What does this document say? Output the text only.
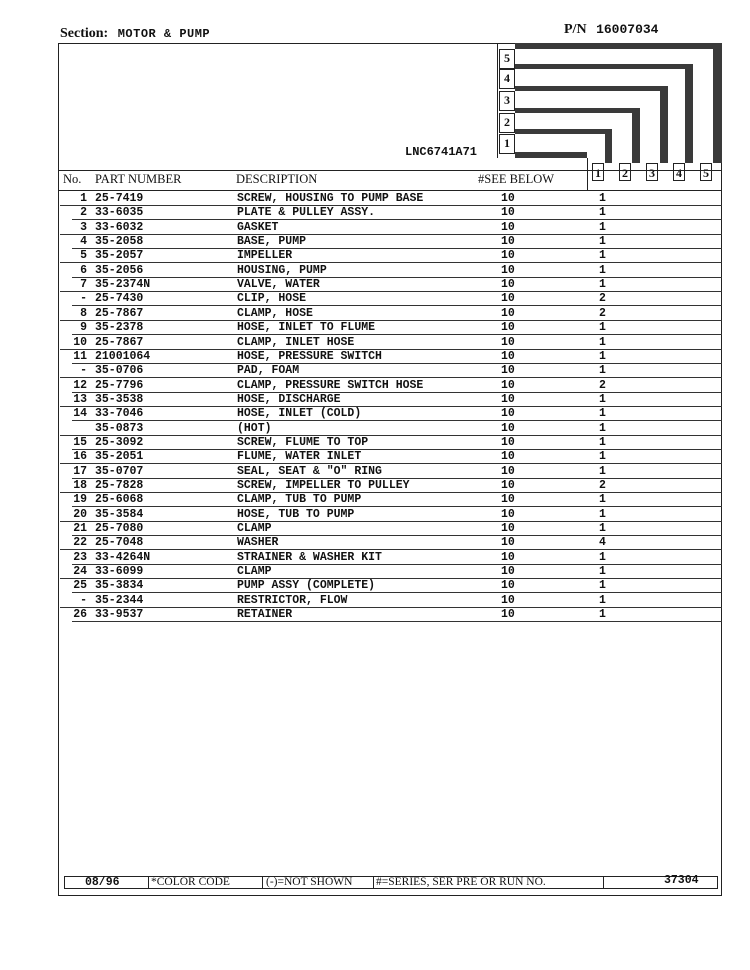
Section: MOTOR & PUMP	P/N 16007034
5
4
3
2
1
1 2 3 4 5
LNC6741A71
No. PART NUMBER	DESCRIPTION	#SEE BELOW
1 25-7419	SCREW, HOUSING TO PUMP BASE	10	1
2 33-6035	PLATE & PULLEY ASSY.	10	1
3 33-6032	GASKET	10	1
4 35-2058	BASE, PUMP	10	1
5 35-2057	IMPELLER	10	1
6 35-2056	HOUSING, PUMP	10	1
7 35-2374N	VALVE, WATER	10	1
- 25-7430	CLIP, HOSE	10	2
8 25-7867	CLAMP, HOSE	10	2
9 35-2378	HOSE, INLET TO FLUME	10	1
10 25-7867	CLAMP, INLET HOSE	10	1
11 21001064	HOSE, PRESSURE SWITCH	10	1
- 35-0706	PAD, FOAM	10	1
12 25-7796	CLAMP, PRESSURE SWITCH HOSE	10	2
13 35-3538	HOSE, DISCHARGE	10	1
14 33-7046	HOSE, INLET (COLD)	10	1
35-0873	(HOT)	10	1
15 25-3092	SCREW, FLUME TO TOP	10	1
16 35-2051	FLUME, WATER INLET	10	1
17 35-0707	SEAL, SEAT & "O" RING	10	1
18 25-7828	SCREW, IMPELLER TO PULLEY	10	2
19 25-6068	CLAMP, TUB TO PUMP	10	1
20 35-3584	HOSE, TUB TO PUMP	10	1
21 25-7080	CLAMP	10	1
22 25-7048	WASHER	10	4
23 33-4264N	STRAINER & WASHER KIT	10	1
24 33-6099	CLAMP	10	1
25 35-3834	PUMP ASSY (COMPLETE)	10	1
- 35-2344	RESTRICTOR, FLOW	10	1
26 33-9537	RETAINER	10	1
08/96	*COLOR CODE	(-)=NOT SHOWN #=SERIES, SER PRE OR RUN NO.	37304
